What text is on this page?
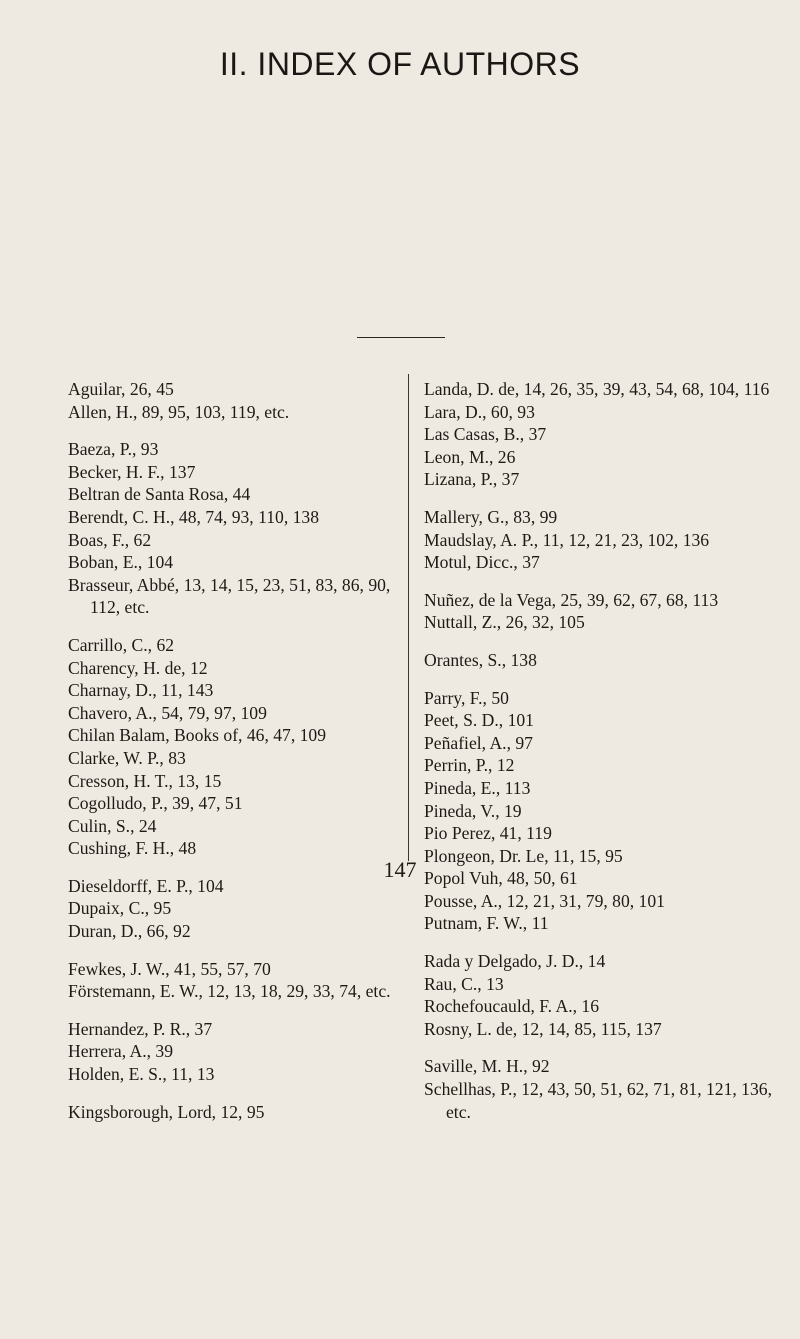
II. INDEX OF AUTHORS
Aguilar, 26, 45
Allen, H., 89, 95, 103, 119, etc.
Baeza, P., 93
Becker, H. F., 137
Beltran de Santa Rosa, 44
Berendt, C. H., 48, 74, 93, 110, 138
Boas, F., 62
Boban, E., 104
Brasseur, Abbé, 13, 14, 15, 23, 51, 83, 86, 90, 112, etc.
Carrillo, C., 62
Charency, H. de, 12
Charnay, D., 11, 143
Chavero, A., 54, 79, 97, 109
Chilan Balam, Books of, 46, 47, 109
Clarke, W. P., 83
Cresson, H. T., 13, 15
Cogolludo, P., 39, 47, 51
Culin, S., 24
Cushing, F. H., 48
Dieseldorff, E. P., 104
Dupaix, C., 95
Duran, D., 66, 92
Fewkes, J. W., 41, 55, 57, 70
Förstemann, E. W., 12, 13, 18, 29, 33, 74, etc.
Hernandez, P. R., 37
Herrera, A., 39
Holden, E. S., 11, 13
Kingsborough, Lord, 12, 95
Landa, D. de, 14, 26, 35, 39, 43, 54, 68, 104, 116
Lara, D., 60, 93
Las Casas, B., 37
Leon, M., 26
Lizana, P., 37
Mallery, G., 83, 99
Maudslay, A. P., 11, 12, 21, 23, 102, 136
Motul, Dicc., 37
Nuñez, de la Vega, 25, 39, 62, 67, 68, 113
Nuttall, Z., 26, 32, 105
Orantes, S., 138
Parry, F., 50
Peet, S. D., 101
Peñafiel, A., 97
Perrin, P., 12
Pineda, E., 113
Pineda, V., 19
Pio Perez, 41, 119
Plongeon, Dr. Le, 11, 15, 95
Popol Vuh, 48, 50, 61
Pousse, A., 12, 21, 31, 79, 80, 101
Putnam, F. W., 11
Rada y Delgado, J. D., 14
Rau, C., 13
Rochefoucauld, F. A., 16
Rosny, L. de, 12, 14, 85, 115, 137
Saville, M. H., 92
Schellhas, P., 12, 43, 50, 51, 62, 71, 81, 121, 136, etc.
147
